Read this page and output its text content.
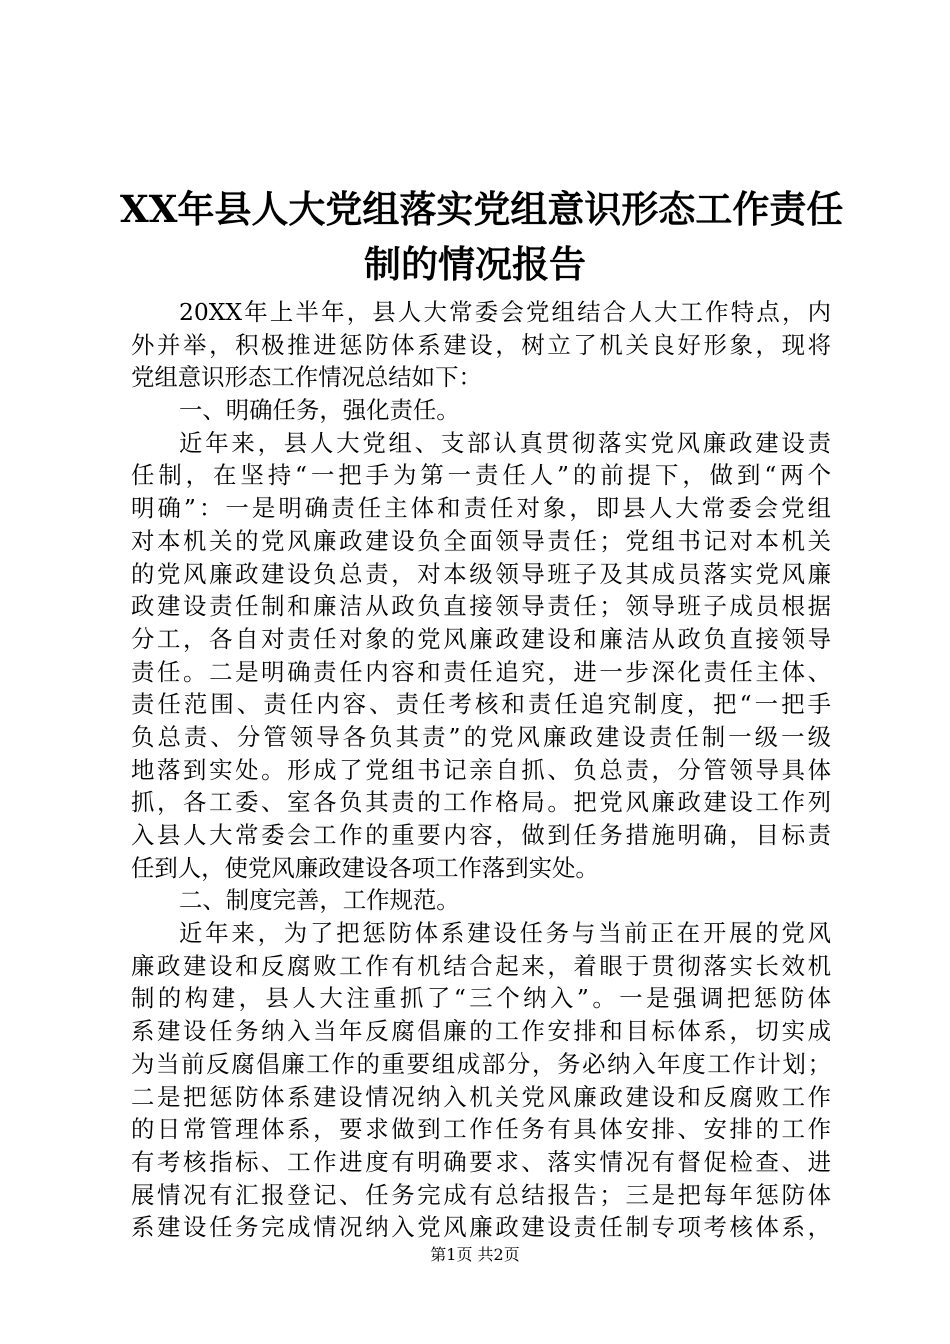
XX年县人大党组落实党组意识形态工作责任
制的情况报告
20XX年上半年，县人大常委会党组结合人大工作特点，内
外并举，积极推进惩防体系建设，树立了机关良好形象，现将
党组意识形态工作情况总结如下：
一、明确任务，强化责任。
近年来，县人大党组、支部认真贯彻落实党风廉政建设责
任制，在坚持“一把手为第一责任人”的前提下，做到“两个
明确”：一是明确责任主体和责任对象，即县人大常委会党组
对本机关的党风廉政建设负全面领导责任；党组书记对本机关
的党风廉政建设负总责，对本级领导班子及其成员落实党风廉
政建设责任制和廉洁从政负直接领导责任；领导班子成员根据
分工，各自对责任对象的党风廉政建设和廉洁从政负直接领导
责任。二是明确责任内容和责任追究，进一步深化责任主体、
责任范围、责任内容、责任考核和责任追究制度，把“一把手
负总责、分管领导各负其责”的党风廉政建设责任制一级一级
地落到实处。形成了党组书记亲自抓、负总责，分管领导具体
抓，各工委、室各负其责的工作格局。把党风廉政建设工作列
入县人大常委会工作的重要内容，做到任务措施明确，目标责
任到人，使党风廉政建设各项工作落到实处。
二、制度完善，工作规范。
近年来，为了把惩防体系建设任务与当前正在开展的党风
廉政建设和反腐败工作有机结合起来，着眼于贯彻落实长效机
制的构建，县人大注重抓了“三个纳入”。一是强调把惩防体
系建设任务纳入当年反腐倡廉的工作安排和目标体系，切实成
为当前反腐倡廉工作的重要组成部分，务必纳入年度工作计划；
二是把惩防体系建设情况纳入机关党风廉政建设和反腐败工作
的日常管理体系，要求做到工作任务有具体安排、安排的工作
有考核指标、工作进度有明确要求、落实情况有督促检查、进
展情况有汇报登记、任务完成有总结报告；三是把每年惩防体
系建设任务完成情况纳入党风廉政建设责任制专项考核体系，
第1页 共2页
